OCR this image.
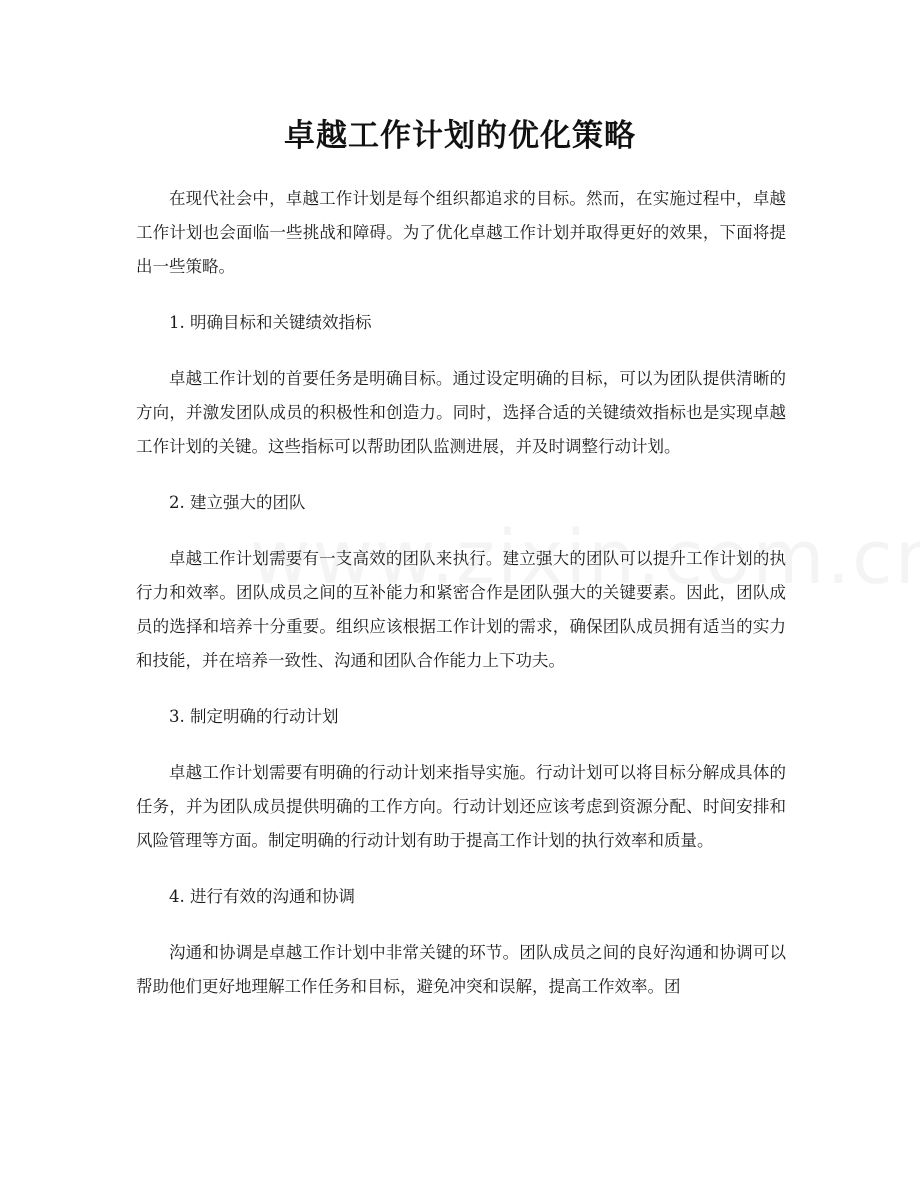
卓越工作计划的优化策略

在现代社会中，卓越工作计划是每个组织都追求的目标。然而，在实施过程中，卓越工作计划也会面临一些挑战和障碍。为了优化卓越工作计划并取得更好的效果，下面将提出一些策略。

1. 明确目标和关键绩效指标

卓越工作计划的首要任务是明确目标。通过设定明确的目标，可以为团队提供清晰的方向，并激发团队成员的积极性和创造力。同时，选择合适的关键绩效指标也是实现卓越工作计划的关键。这些指标可以帮助团队监测进展，并及时调整行动计划。

2. 建立强大的团队

卓越工作计划需要有一支高效的团队来执行。建立强大的团队可以提升工作计划的执行力和效率。团队成员之间的互补能力和紧密合作是团队强大的关键要素。因此，团队成员的选择和培养十分重要。组织应该根据工作计划的需求，确保团队成员拥有适当的实力和技能，并在培养一致性、沟通和团队合作能力上下功夫。

3. 制定明确的行动计划

卓越工作计划需要有明确的行动计划来指导实施。行动计划可以将目标分解成具体的任务，并为团队成员提供明确的工作方向。行动计划还应该考虑到资源分配、时间安排和风险管理等方面。制定明确的行动计划有助于提高工作计划的执行效率和质量。

4. 进行有效的沟通和协调

沟通和协调是卓越工作计划中非常关键的环节。团队成员之间的良好沟通和协调可以帮助他们更好地理解工作任务和目标，避免冲突和误解，提高工作效率。团
